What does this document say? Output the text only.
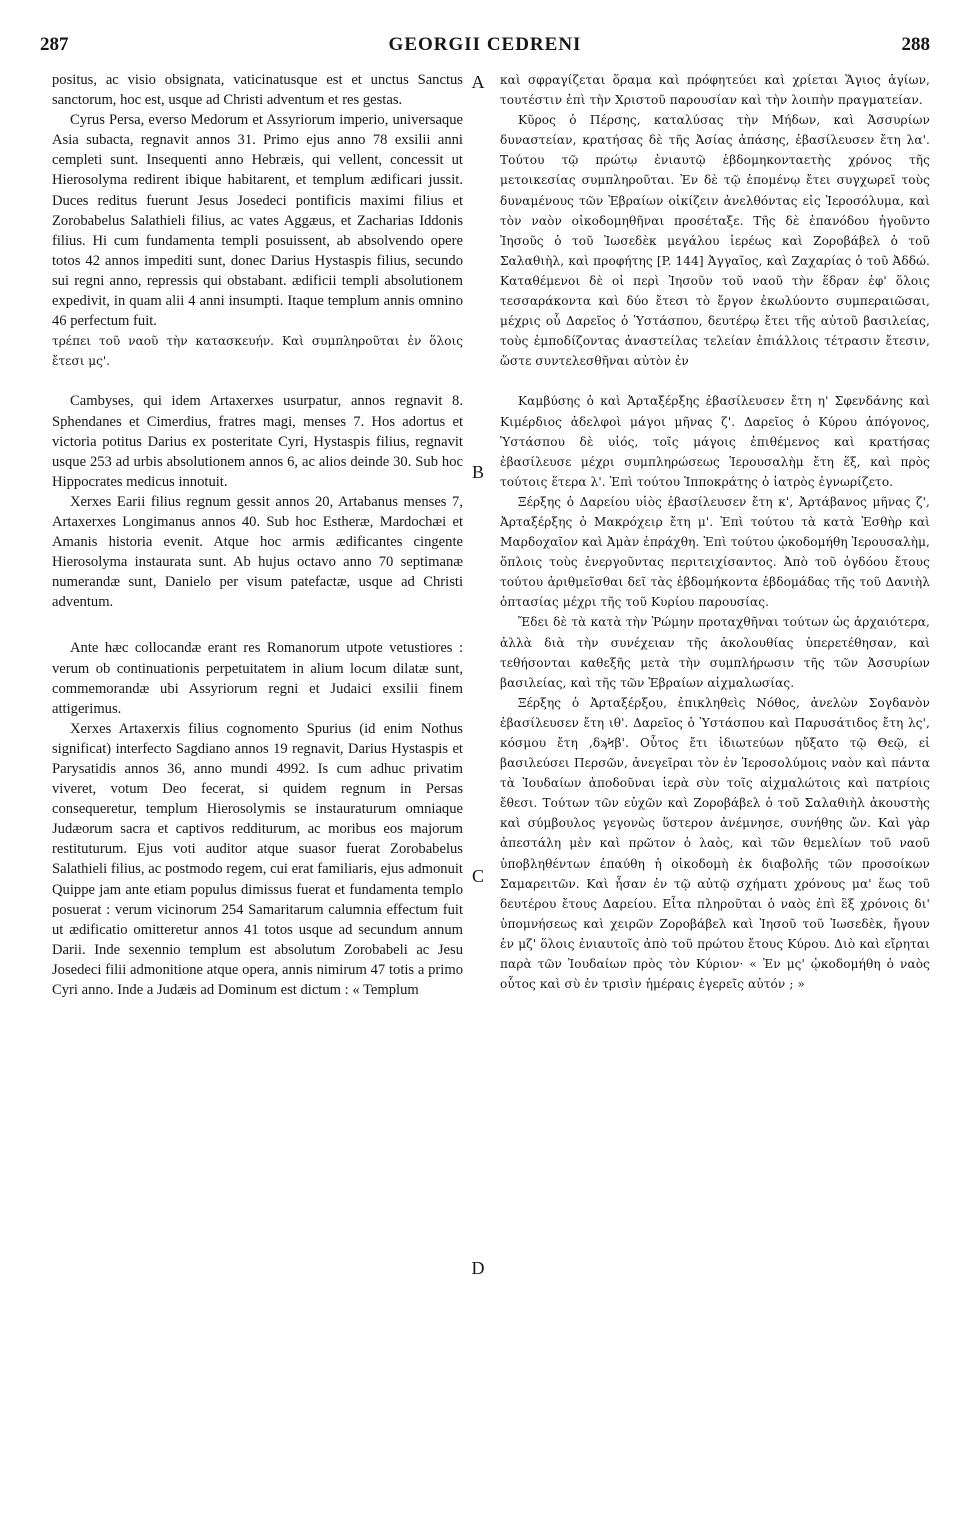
287	GEORGII CEDRENI	288

positus, ac visio obsignata, vaticinatusque est et unctus Sanctus sanctorum, hoc est, usque ad Christi adventum et res gestas.

Cyrus Persa, everso Medorum et Assyriorum imperio, universaque Asia subacta, regnavit annos 31. Primo ejus anno 78 exsilii anni cempleti sunt. Insequenti anno Hebræis, qui vellent, concessit ut Hierosolyma redirent ibique habitarent, et templum ædificari jussit. Duces reditus fuerunt Jesus Josedeci pontificis maximi filius et Zorobabelus Salathieli filius, ac vates Aggæus, et Zacharias Iddonis filius. Hi cum fundamenta templi posuissent, ab absolvendo opere totos 42 annos impediti sunt, donec Darius Hystaspis filius, secundo sui regni anno, repressis qui obstabant. ædificii templi absolutionem expedivit, in quam alii 4 anni insumpti. Itaque templum annis omnino 46 perfectum fuit.

τρέπει τοῦ ναοῦ τὴν κατασκευήν. Καὶ συμπληροῦται ἐν ὅλοις ἔτεσι μς'.

Cambyses, qui idem Artaxerxes usurpatur, annos regnavit 8. Sphendanes et Cimerdius, fratres magi, menses 7. Hos adortus et victoria potitus Darius ex posteritate Cyri, Hystaspis filius, regnavit usque 253 ad urbis absolutionem annos 6, ac alios deinde 30. Sub hoc Hippocrates medicus innotuit.

Xerxes Earii filius regnum gessit annos 20, Artabanus menses 7, Artaxerxes Longimanus annos 40. Sub hoc Estheræ, Mardochæi et Amanis historia evenit. Atque hoc armis ædificantes cingente Hierosolyma instaurata sunt. Ab hujus octavo anno 70 septimanæ numerandæ sunt, Danielo per visum patefactæ, usque ad Christi adventum.

Ante hæc collocandæ erant res Romanorum utpote vetustiores : verum ob continuationis perpetuitatem in alium locum dilatæ sunt, commemorandæ ubi Assyriorum regni et Judaici exsilii finem attigerimus.

Xerxes Artaxerxis filius cognomento Spurius (id enim Nothus significat) interfecto Sagdiano annos 19 regnavit, Darius Hystaspis et Parysatidis annos 36, anno mundi 4992. Is cum adhuc privatim viveret, votum Deo fecerat, si quidem regnum in Persas consequeretur, templum Hierosolymis se instauraturum omniaque Judæorum sacra et captivos redditurum, ac moribus eos majorum restituturum. Ejus voti auditor atque suasor fuerat Zorobabelus Salathieli filius, ac postmodo regem, cui erat familiaris, ejus admonuit Quippe jam ante etiam populus dimissus fuerat et fundamenta templo posuerat : verum vicinorum 254 Samaritarum calumnia effectum fuit ut ædificatio omitteretur annos 41 totos usque ad secundum annum Darii. Inde sexennio templum est absolutum Zorobabeli ac Jesu Josedeci filii admonitione atque opera, annis nimirum 47 totis a primo Cyri anno. Inde a Judæis ad Dominum est dictum : « Templum

A
B
C
D

καὶ σφραγίζεται ὅραμα καὶ πρόφητεύει καὶ χρίεται Ἅγιος ἁγίων, τουτέστιν ἐπὶ τὴν Χριστοῦ παρουσίαν καὶ τὴν λοιπὴν πραγματείαν.

Κῦρος ὁ Πέρσης, καταλύσας τὴν Μήδων, καὶ Ἀσσυρίων δυναστείαν, κρατήσας δὲ τῆς Ἀσίας ἁπάσης, ἐβασίλευσεν ἔτη λα'. Τούτου τῷ πρώτῳ ἐνιαυτῷ ἑβδομηκονταετὴς χρόνος τῆς μετοικεσίας συμπληροῦται. Ἐν δὲ τῷ ἑπομένῳ ἔτει συγχωρεῖ τοὺς δυναμένους τῶν Ἑβραίων οἰκίζειν ἀνελθόντας εἰς Ἱεροσόλυμα, καὶ τὸν ναὸν οἰκοδομηθῆναι προσέταξε. Τῆς δὲ ἐπανόδου ἡγοῦντο Ἰησοῦς ὁ τοῦ Ἰωσεδὲκ μεγάλου ἱερέως καὶ Ζοροβάβελ ὁ τοῦ Σαλαθιὴλ, καὶ προφήτης [P. 144] Ἀγγαῖος, καὶ Ζαχαρίας ὁ τοῦ Ἀδδώ. Καταθέμενοι δὲ οἱ περὶ Ἰησοῦν τοῦ ναοῦ τὴν ἕδραν ἐφ' ὅλοις τεσσαράκοντα καὶ δύο ἔτεσι τὸ ἔργον ἐκωλύοντο συμπεραιῶσαι, μέχρις οὗ Δαρεῖος ὁ Ὑστάσπου, δευτέρῳ ἔτει τῆς αὐτοῦ βασιλείας, τοὺς ἐμποδίζοντας ἀναστείλας τελείαν ἐπιάλλοις τέτρασιν ἔτεσιν, ὥστε συντελεσθῆναι αὐτὸν ἐν

Καμβύσης ὁ καὶ Ἀρταξέρξης ἐβασίλευσεν ἔτη η' Σφενδάνης καὶ Κιμέρδιος ἀδελφοὶ μάγοι μῆνας ζ'. Δαρεῖος ὁ Κύρου ἀπόγονος, Ὑστάσπου δὲ υἱός, τοῖς μάγοις ἐπιθέμενος καὶ κρατήσας ἐβασίλευσε μέχρι συμπληρώσεως Ἱερουσαλὴμ ἔτη ἕξ, καὶ πρὸς τούτοις ἕτερα λ'. Ἐπὶ τούτου Ἱπποκράτης ὁ ἰατρὸς ἐγνωρίζετο.

Ξέρξης ὁ Δαρείου υἱὸς ἐβασίλευσεν ἔτη κ', Ἀρτάβανος μῆνας ζ', Ἀρταξέρξης ὁ Μακρόχειρ ἔτη μ'. Ἐπὶ τούτου τὰ κατὰ Ἐσθὴρ καὶ Μαρδοχαῖον καὶ Ἀμὰν ἐπράχθη. Ἐπὶ τούτου ᾠκοδομήθη Ἱερουσαλὴμ, ὅπλοις τοὺς ἐνεργοῦντας περιτειχίσαντος. Ἀπὸ τοῦ ὀγδόου ἔτους τούτου ἀριθμεῖσθαι δεῖ τὰς ἑβδομήκοντα ἑβδομάδας τῆς τοῦ Δανιὴλ ὀπτασίας μέχρι τῆς τοῦ Κυρίου παρουσίας.

Ἔδει δὲ τὰ κατὰ τὴν Ῥώμην προταχθῆναι τούτων ὡς ἀρχαιότερα, ἀλλὰ διὰ τὴν συνέχειαν τῆς ἀκολουθίας ὑπερετέθησαν, καὶ τεθήσονται καθεξῆς μετὰ τὴν συμπλήρωσιν τῆς τῶν Ἀσσυρίων βασιλείας, καὶ τῆς τῶν Ἑβραίων αἰχμαλωσίας.

Ξέρξης ὁ Ἀρταξέρξου, ἐπικληθεὶς Νόθος, ἀνελὼν Σογδανὸν ἐβασίλευσεν ἔτη ιθ'. Δαρεῖος ὁ Ὑστάσπου καὶ Παρυσάτιδος ἔτη λς', κόσμου ἔτη ‚δϡϞβ'. Οὗτος ἔτι ἰδιωτεύων ηὔξατο τῷ Θεῷ, εἰ βασιλεύσει Περσῶν, ἀνεγεῖραι τὸν ἐν Ἱεροσολύμοις ναὸν καὶ πάντα τὰ Ἰουδαίων ἀποδοῦναι ἱερὰ σὺν τοῖς αἰχμαλώτοις καὶ πατρίοις ἔθεσι. Τούτων τῶν εὐχῶν καὶ Ζοροβάβελ ὁ τοῦ Σαλαθιὴλ ἀκουστὴς καὶ σύμβουλος γεγονὼς ὕστερον ἀνέμνησε, συνήθης ὤν. Καὶ γὰρ ἀπεστάλη μὲν καὶ πρῶτον ὁ λαὸς, καὶ τῶν θεμελίων τοῦ ναοῦ ὑποβληθέντων ἐπαύθη ἡ οἰκοδομὴ ἐκ διαβολῆς τῶν προσοίκων Σαμαρειτῶν. Καὶ ἦσαν ἐν τῷ αὐτῷ σχήματι χρόνους μα' ἕως τοῦ δευτέρου ἔτους Δαρείου. Εἶτα πληροῦται ὁ ναὸς ἐπὶ ἓξ χρόνοις δι' ὑπομνήσεως καὶ χειρῶν Ζοροβάβελ καὶ Ἰησοῦ τοῦ Ἰωσεδὲκ, ἤγουν ἐν μζ' ὅλοις ἐνιαυτοῖς ἀπὸ τοῦ πρώτου ἔτους Κύρου. Διὸ καὶ εἴρηται παρὰ τῶν Ἰουδαίων πρὸς τὸν Κύριον· « Ἐν μς' ᾠκοδομήθη ὁ ναὸς οὗτος καὶ σὺ ἐν τρισὶν ἡμέραις ἐγερεῖς αὐτόν ; »
